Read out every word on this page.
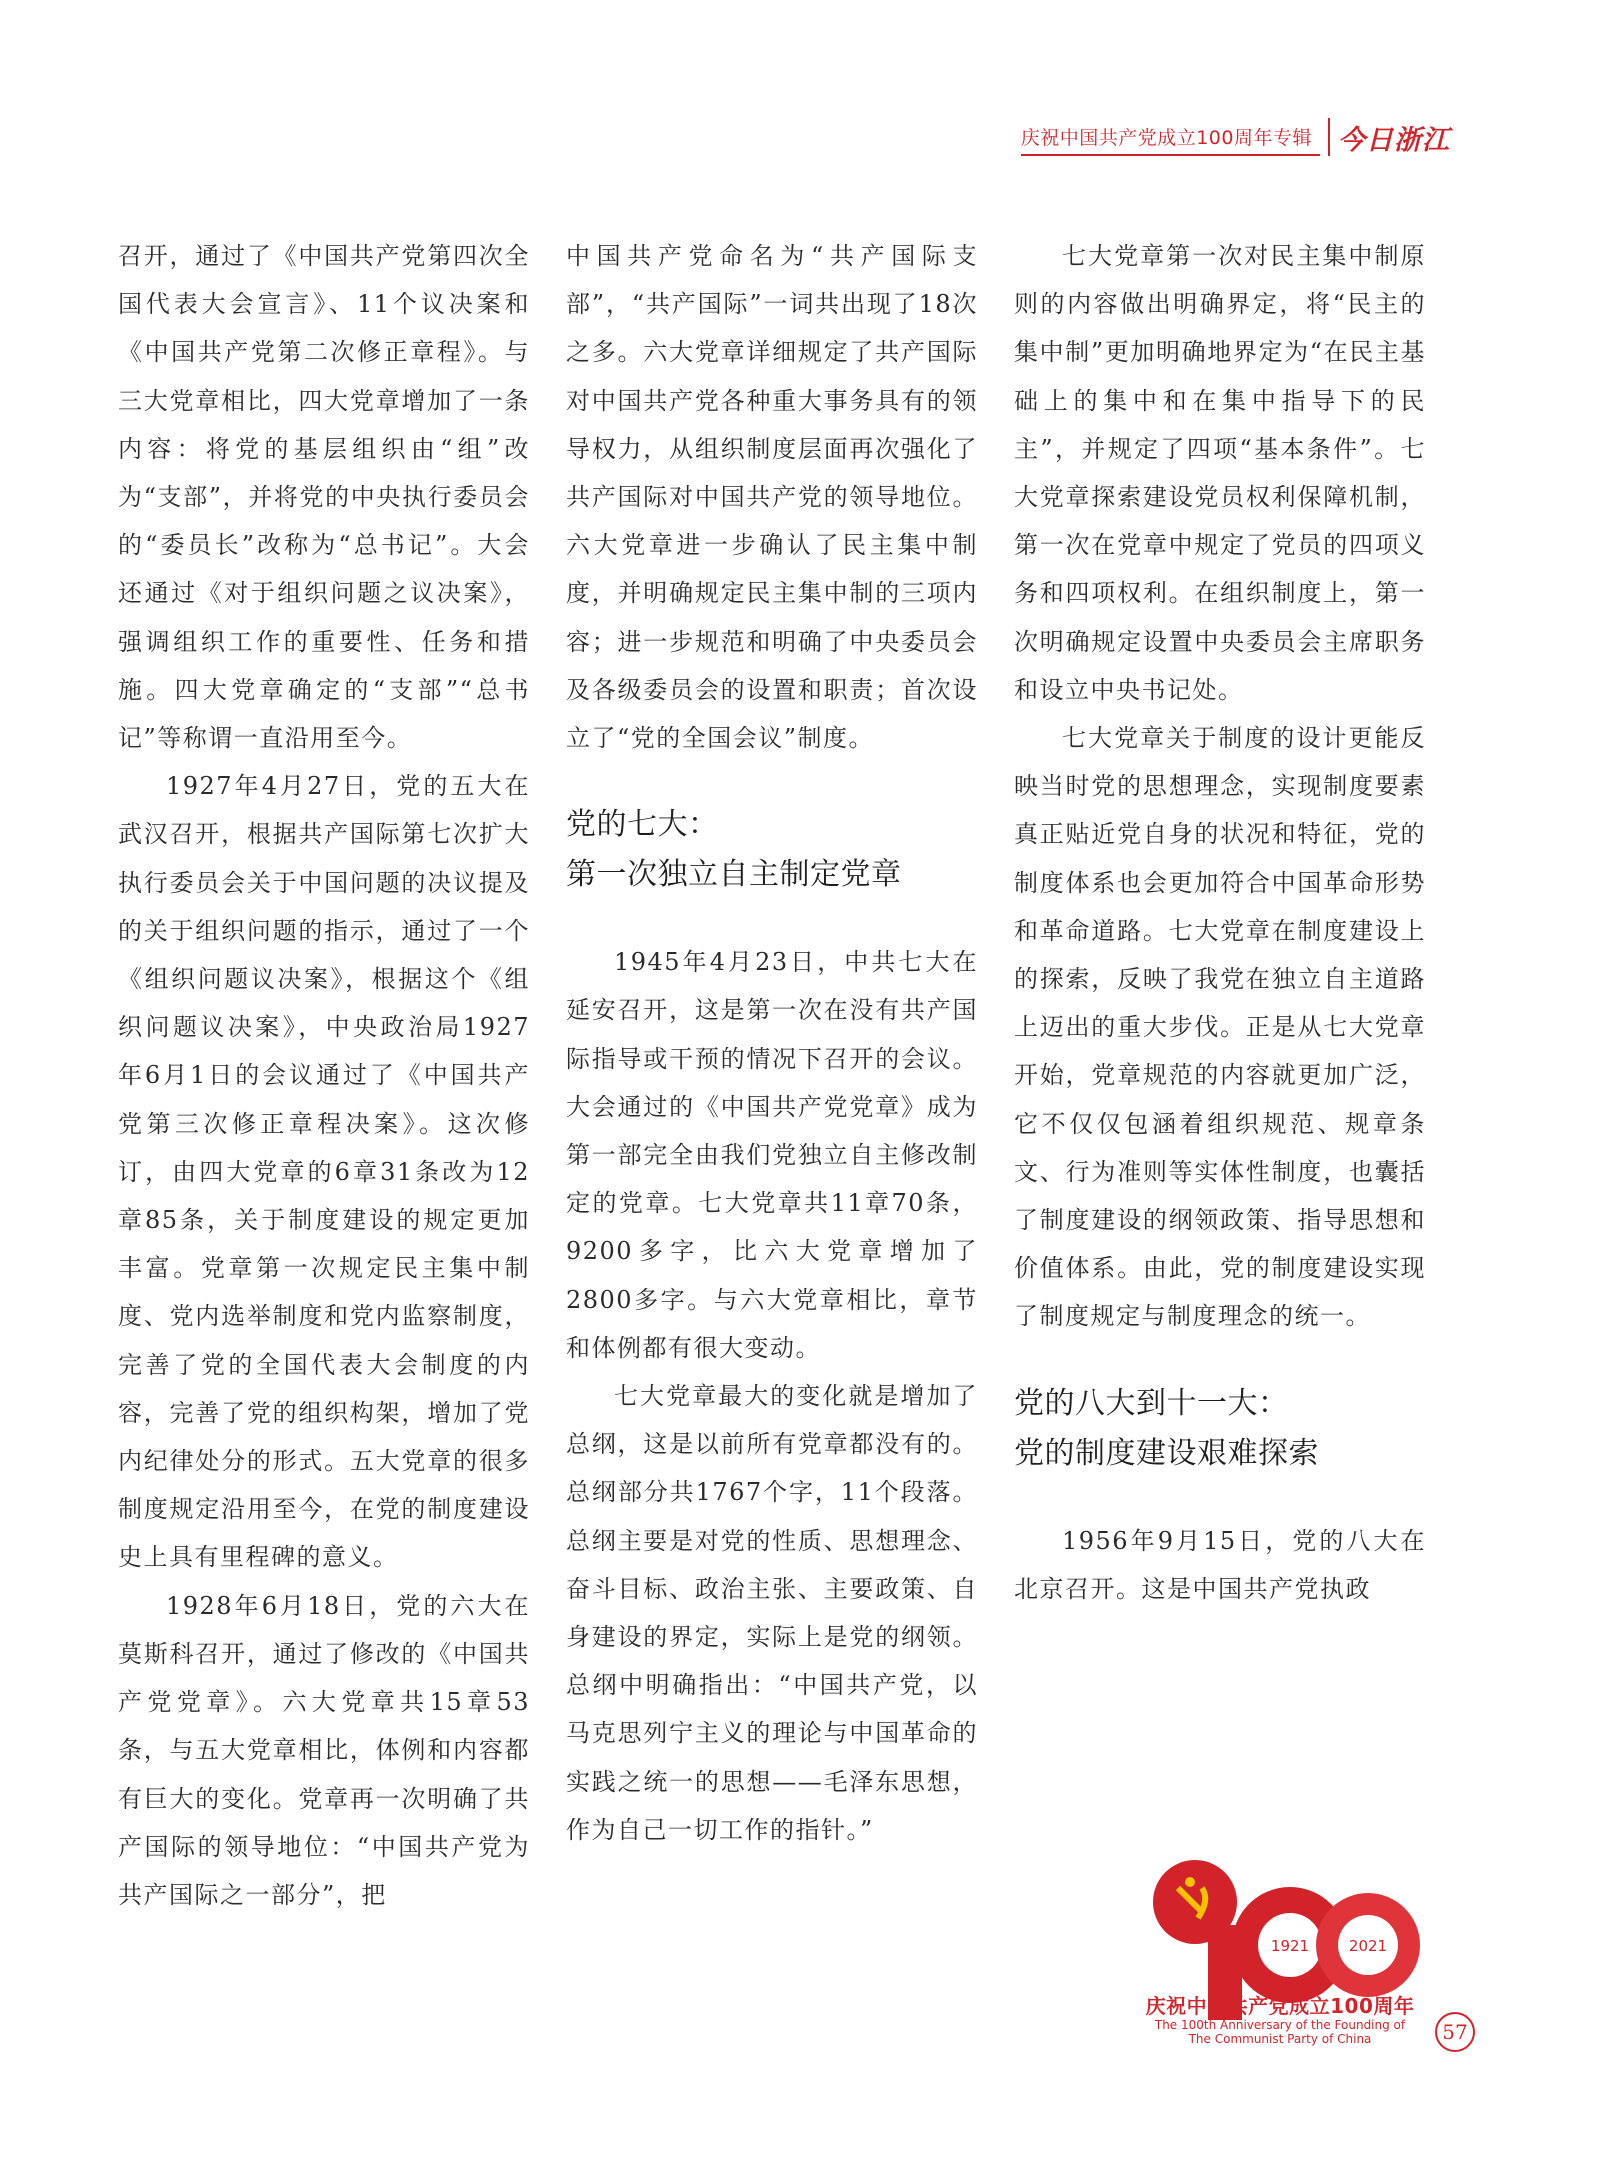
庆祝中国共产党成立100周年专辑 今日浙江

召开，通过了《中国共产党第四次全国代表大会宣言》、11个议决案和《中国共产党第二次修正章程》。与三大党章相比，四大党章增加了一条内容：将党的基层组织由“组”改为“支部”，并将党的中央执行委员会的“委员长”改称为“总书记”。大会还通过《对于组织问题之议决案》，强调组织工作的重要性、任务和措施。四大党章确定的“支部”“总书记”等称谓一直沿用至今。

1927年4月27日，党的五大在武汉召开，根据共产国际第七次扩大执行委员会关于中国问题的决议提及的关于组织问题的指示，通过了一个《组织问题议决案》，根据这个《组织问题议决案》，中央政治局1927年6月1日的会议通过了《中国共产党第三次修正章程决案》。这次修订，由四大党章的6章31条改为12章85条，关于制度建设的规定更加丰富。党章第一次规定民主集中制度、党内选举制度和党内监察制度，完善了党的全国代表大会制度的内容，完善了党的组织构架，增加了党内纪律处分的形式。五大党章的很多制度规定沿用至今，在党的制度建设史上具有里程碑的意义。

1928年6月18日，党的六大在莫斯科召开，通过了修改的《中国共产党党章》。六大党章共15章53条，与五大党章相比，体例和内容都有巨大的变化。党章再一次明确了共产国际的领导地位：“中国共产党为共产国际之一部分”，把

中国共产党命名为“共产国际支部”，“共产国际”一词共出现了18次之多。六大党章详细规定了共产国际对中国共产党各种重大事务具有的领导权力，从组织制度层面再次强化了共产国际对中国共产党的领导地位。六大党章进一步确认了民主集中制度，并明确规定民主集中制的三项内容；进一步规范和明确了中央委员会及各级委员会的设置和职责；首次设立了“党的全国会议”制度。

党的七大：
第一次独立自主制定党章

1945年4月23日，中共七大在延安召开，这是第一次在没有共产国际指导或干预的情况下召开的会议。大会通过的《中国共产党党章》成为第一部完全由我们党独立自主修改制定的党章。七大党章共11章70条，9200多字，比六大党章增加了2800多字。与六大党章相比，章节和体例都有很大变动。

七大党章最大的变化就是增加了总纲，这是以前所有党章都没有的。总纲部分共1767个字，11个段落。总纲主要是对党的性质、思想理念、奋斗目标、政治主张、主要政策、自身建设的界定，实际上是党的纲领。总纲中明确指出：“中国共产党，以马克思列宁主义的理论与中国革命的实践之统一的思想——毛泽东思想，作为自己一切工作的指针。”

七大党章第一次对民主集中制原则的内容做出明确界定，将“民主的集中制”更加明确地界定为“在民主基础上的集中和在集中指导下的民主”，并规定了四项“基本条件”。七大党章探索建设党员权利保障机制，第一次在党章中规定了党员的四项义务和四项权利。在组织制度上，第一次明确规定设置中央委员会主席职务和设立中央书记处。

七大党章关于制度的设计更能反映当时党的思想理念，实现制度要素真正贴近党自身的状况和特征，党的制度体系也会更加符合中国革命形势和革命道路。七大党章在制度建设上的探索，反映了我党在独立自主道路上迈出的重大步伐。正是从七大党章开始，党章规范的内容就更加广泛，它不仅仅包涵着组织规范、规章条文、行为准则等实体性制度，也囊括了制度建设的纲领政策、指导思想和价值体系。由此，党的制度建设实现了制度规定与制度理念的统一。

党的八大到十一大：
党的制度建设艰难探索

1956年9月15日，党的八大在北京召开。这是中国共产党执政

1921	2021
庆祝中国共产党成立100周年
The 100th Anniversary of the Founding of
The Communist Party of China	57
